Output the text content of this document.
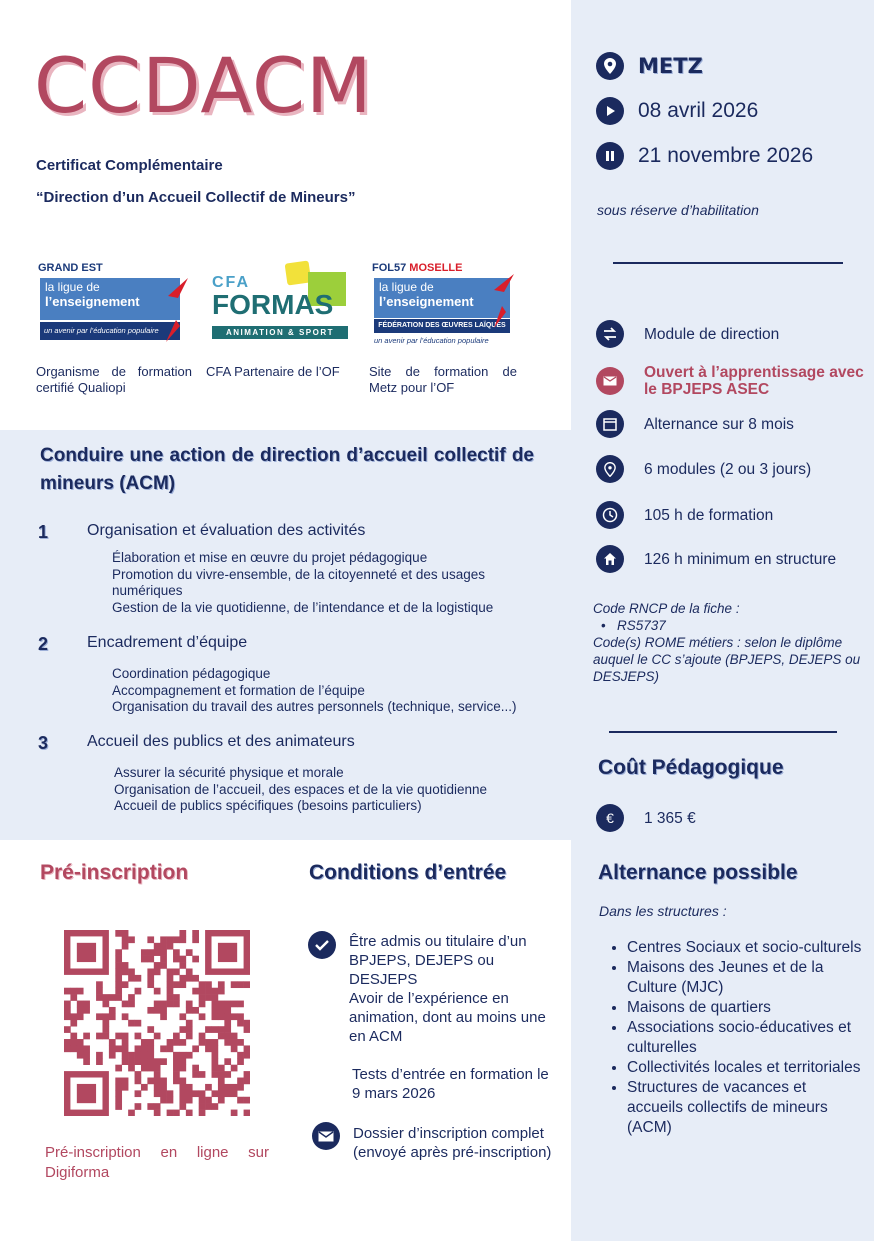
CCDACM
Certificat Complémentaire
“Direction d’un Accueil Collectif de Mineurs”
GRAND EST
la ligue de
l’enseignement
un avenir par l’éducation populaire
Organisme de formation certifié Qualiopi
CFA
FORMAS
ANIMATION & SPORT
CFA Partenaire de l’OF
FOL57 MOSELLE
la ligue de
l’enseignement
FÉDÉRATION DES ŒUVRES LAÏQUES
un avenir par l’éducation populaire
Site de formation de Metz pour l’OF
METZ
08 avril 2026
21 novembre 2026
sous réserve d’habilitation
Module de direction
Ouvert à l’apprentissage avec le BPJEPS ASEC
Alternance sur 8 mois
6 modules (2 ou 3 jours)
105 h de formation
126 h minimum en structure
Code RNCP de la fiche :
• RS5737
Code(s) ROME métiers : selon le diplôme auquel le CC s’ajoute (BPJEPS, DEJEPS ou DESJEPS)
Coût Pédagogique
€	1 365 €
Alternance possible
Dans les structures :
• Centres Sociaux et socio-culturels
• Maisons des Jeunes et de la Culture (MJC)
• Maisons de quartiers
• Associations socio-éducatives et culturelles
• Collectivités locales et territoriales
• Structures de vacances et accueils collectifs de mineurs (ACM)
Conduire une action de direction d’accueil collectif de mineurs (ACM)
1 Organisation et évaluation des activités
Élaboration et mise en œuvre du projet pédagogique
Promotion du vivre-ensemble, de la citoyenneté et des usages numériques
Gestion de la vie quotidienne, de l’intendance et de la logistique
2 Encadrement d’équipe
Coordination pédagogique
Accompagnement et formation de l’équipe
Organisation du travail des autres personnels (technique, service...)
3 Accueil des publics et des animateurs
Assurer la sécurité physique et morale
Organisation de l’accueil, des espaces et de la vie quotidienne
Accueil de publics spécifiques (besoins particuliers)
Pré-inscription
Pré-inscription en ligne sur Digiforma
Conditions d’entrée
Être admis ou titulaire d’un BPJEPS, DEJEPS ou DESJEPS
Avoir de l’expérience en animation, dont au moins une en ACM
Tests d’entrée en formation le 9 mars 2026
Dossier d’inscription complet (envoyé après pré-inscription)
